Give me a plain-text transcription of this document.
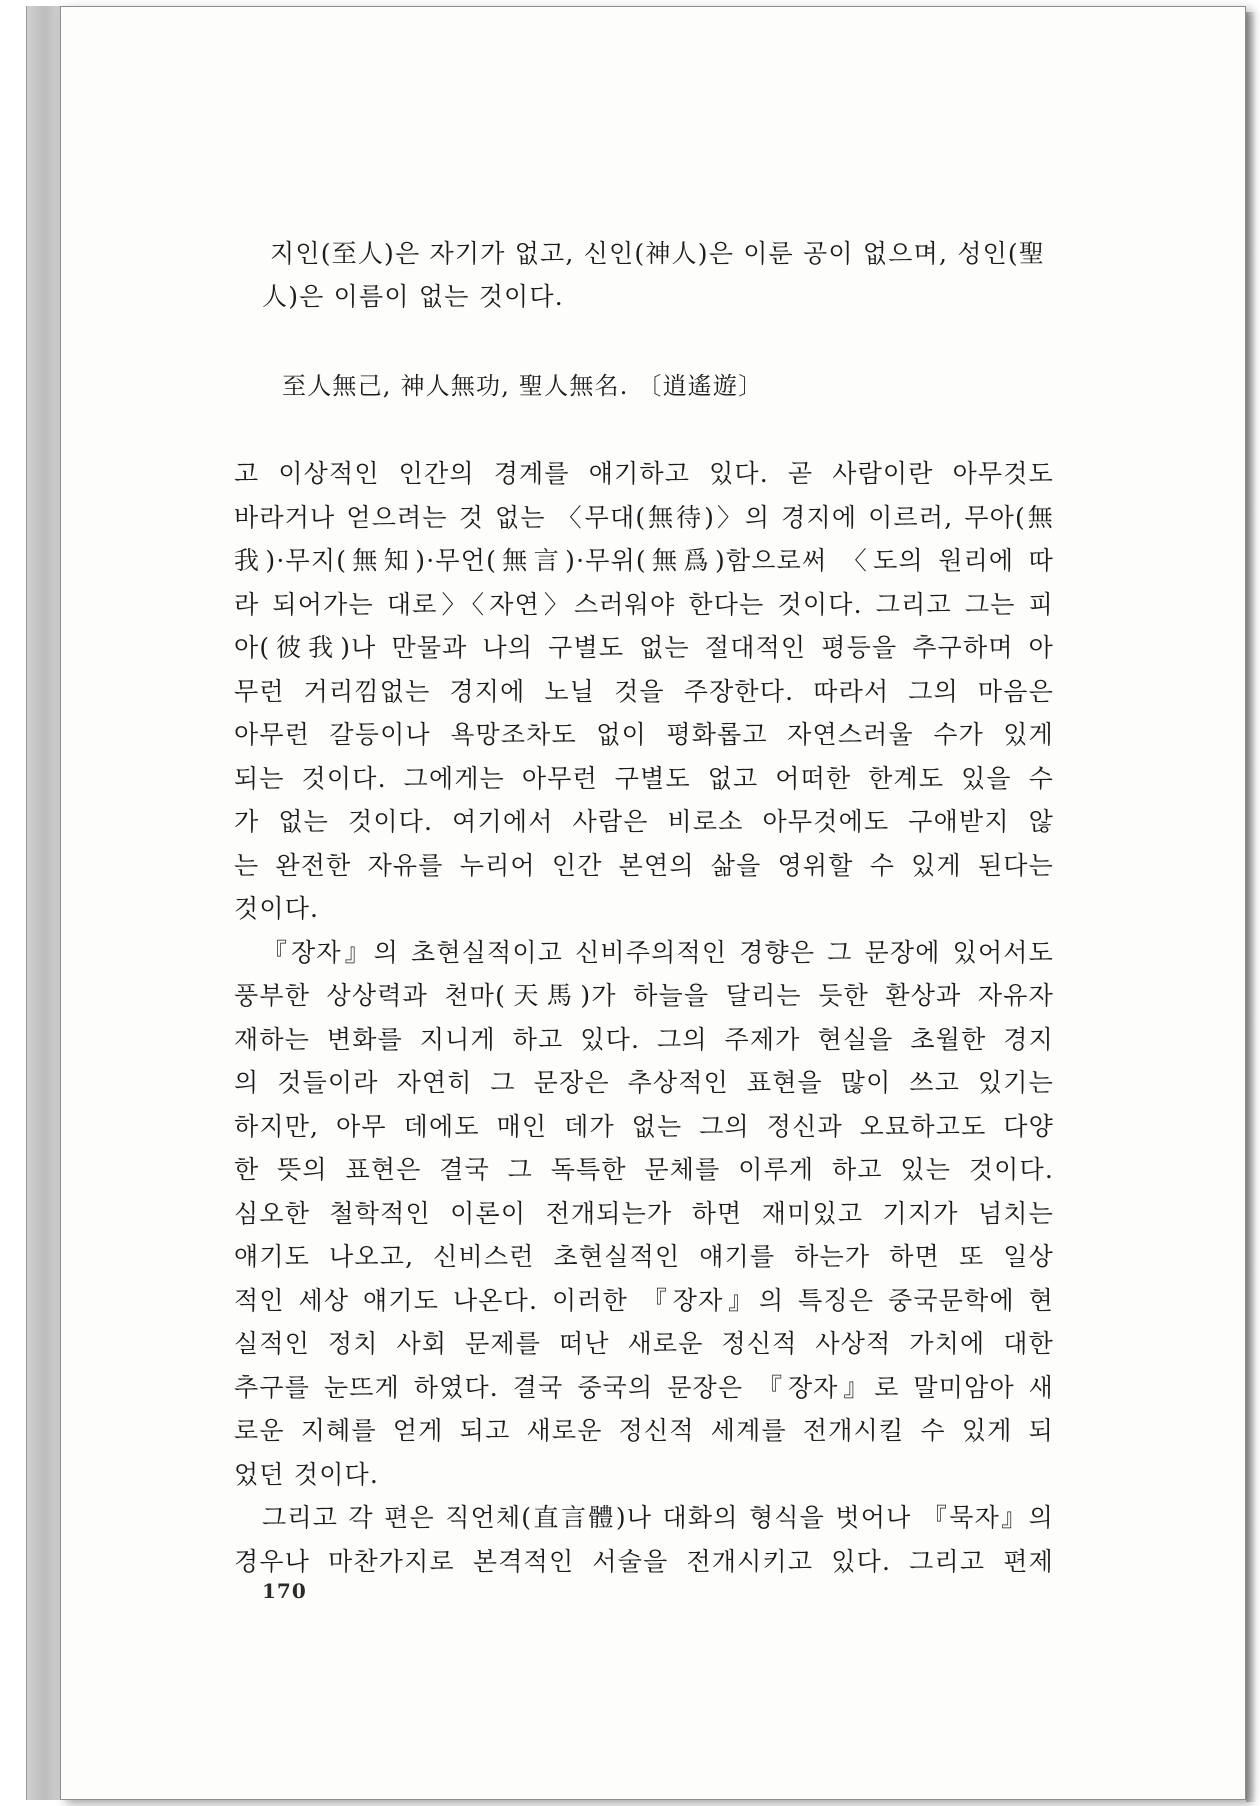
지인(至人)은 자기가 없고, 신인(神人)은 이룬 공이 없으며, 성인(聖
人)은 이름이 없는 것이다.
至人無己, 神人無功, 聖人無名. 〔逍遙遊〕
고 이상적인 인간의 경계를 얘기하고 있다. 곧 사람이란 아무것도
바라거나 얻으려는 것 없는 〈무대(無待)〉의 경지에 이르러, 무아(無
我)·무지(無知)·무언(無言)·무위(無爲)함으로써 〈도의 원리에 따
라 되어가는 대로〉〈자연〉스러워야 한다는 것이다. 그리고 그는 피
아(彼我)나 만물과 나의 구별도 없는 절대적인 평등을 추구하며 아
무런 거리낌없는 경지에 노닐 것을 주장한다. 따라서 그의 마음은
아무런 갈등이나 욕망조차도 없이 평화롭고 자연스러울 수가 있게
되는 것이다. 그에게는 아무런 구별도 없고 어떠한 한계도 있을 수
가 없는 것이다. 여기에서 사람은 비로소 아무것에도 구애받지 않
는 완전한 자유를 누리어 인간 본연의 삶을 영위할 수 있게 된다는
것이다.
『장자』의 초현실적이고 신비주의적인 경향은 그 문장에 있어서도
풍부한 상상력과 천마(天馬)가 하늘을 달리는 듯한 환상과 자유자
재하는 변화를 지니게 하고 있다. 그의 주제가 현실을 초월한 경지
의 것들이라 자연히 그 문장은 추상적인 표현을 많이 쓰고 있기는
하지만, 아무 데에도 매인 데가 없는 그의 정신과 오묘하고도 다양
한 뜻의 표현은 결국 그 독특한 문체를 이루게 하고 있는 것이다.
심오한 철학적인 이론이 전개되는가 하면 재미있고 기지가 넘치는
얘기도 나오고, 신비스런 초현실적인 얘기를 하는가 하면 또 일상
적인 세상 얘기도 나온다. 이러한 『장자』의 특징은 중국문학에 현
실적인 정치 사회 문제를 떠난 새로운 정신적 사상적 가치에 대한
추구를 눈뜨게 하였다. 결국 중국의 문장은 『장자』로 말미암아 새
로운 지혜를 얻게 되고 새로운 정신적 세계를 전개시킬 수 있게 되
었던 것이다.
그리고 각 편은 직언체(直言體)나 대화의 형식을 벗어나 『묵자』의
경우나 마찬가지로 본격적인 서술을 전개시키고 있다. 그리고 편제
170
